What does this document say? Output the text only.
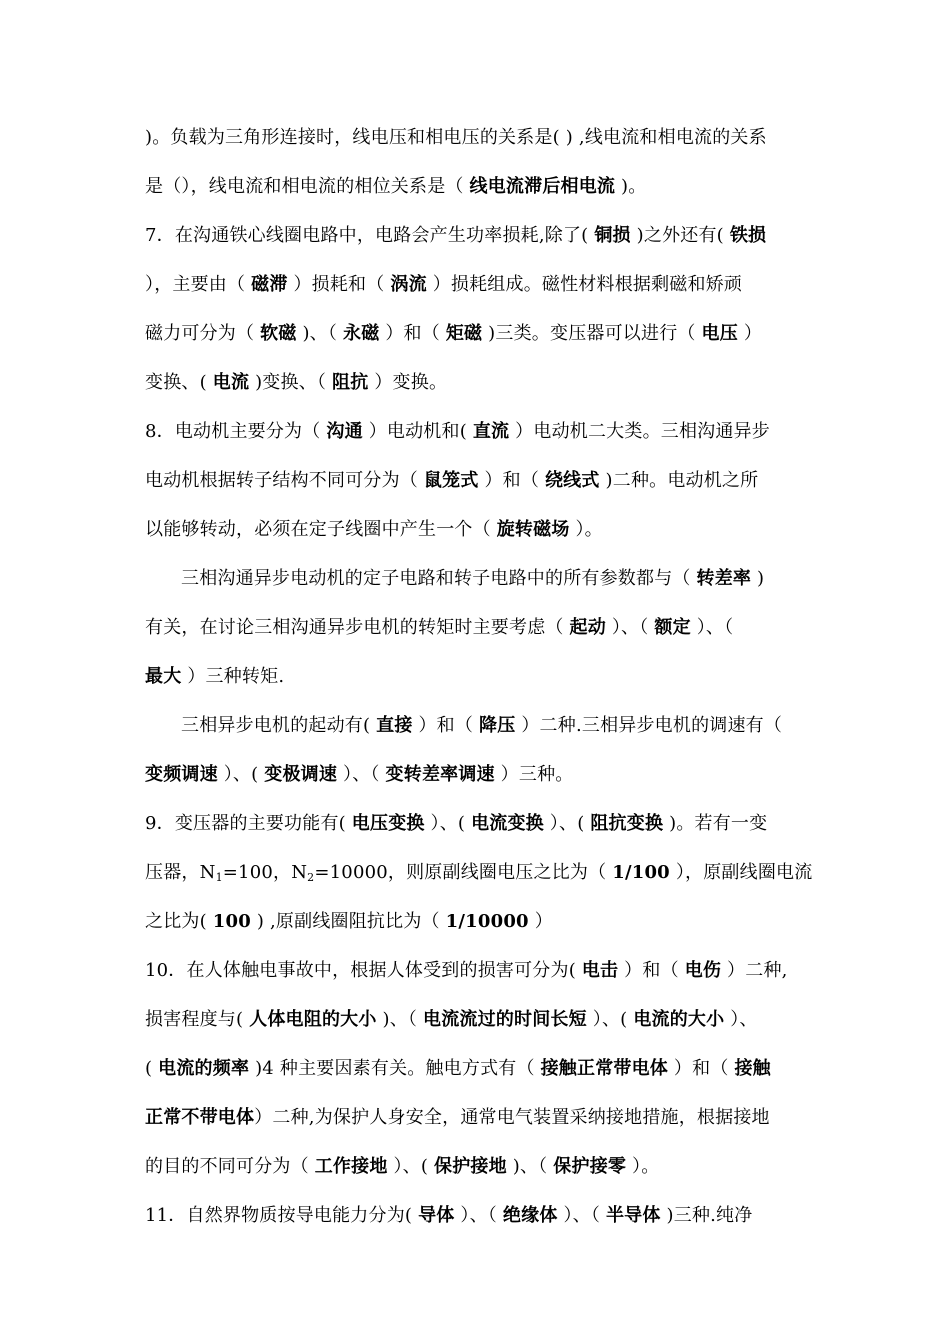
)。负载为三角形连接时，线电压和相电压的关系是( ) ,线电流和相电流的关系
是（），线电流和相电流的相位关系是（ 线电流滞后相电流 )。
7．在沟通铁心线圈电路中，电路会产生功率损耗,除了( 铜损 )之外还有( 铁损
），主要由（ 磁滞 ）损耗和（ 涡流 ）损耗组成。磁性材料根据剩磁和矫顽
磁力可分为（ 软磁 )、（ 永磁 ）和（ 矩磁 )三类。变压器可以进行（ 电压 ）
变换、( 电流 )变换、（ 阻抗 ）变换。
8．电动机主要分为（ 沟通 ）电动机和( 直流 ）电动机二大类。三相沟通异步
电动机根据转子结构不同可分为（ 鼠笼式 ）和（ 绕线式 )二种。电动机之所
以能够转动，必须在定子线圈中产生一个（ 旋转磁场 ）。
三相沟通异步电动机的定子电路和转子电路中的所有参数都与（ 转差率 )
有关，在讨论三相沟通异步电机的转矩时主要考虑（ 起动 ）、（ 额定 ）、（
最大 ）三种转矩.
三相异步电机的起动有( 直接 ）和（ 降压 ）二种.三相异步电机的调速有（
变频调速 ）、( 变极调速 ）、（ 变转差率调速 ）三种。
9．变压器的主要功能有( 电压变换 ）、( 电流变换 ）、( 阻抗变换 )。若有一变
压器，$N_1=100$，$N_2=10000$，则原副线圈电压之比为（ 1/100 ），原副线圈电流
之比为( 100 ) ,原副线圈阻抗比为（ 1/10000 ）
10．在人体触电事故中，根据人体受到的损害可分为( 电击 ）和（ 电伤 ）二种,
损害程度与( 人体电阻的大小 )、（ 电流流过的时间长短 ）、( 电流的大小 ）、
( 电流的频率 )4 种主要因素有关。触电方式有（ 接触正常带电体 ）和（ 接触
正常不带电体）二种,为保护人身安全，通常电气装置采纳接地措施，根据接地
的目的不同可分为（ 工作接地 ）、( 保护接地 )、（ 保护接零 ）。
11．自然界物质按导电能力分为( 导体 ）、（ 绝缘体 ）、（ 半导体 )三种.纯净
